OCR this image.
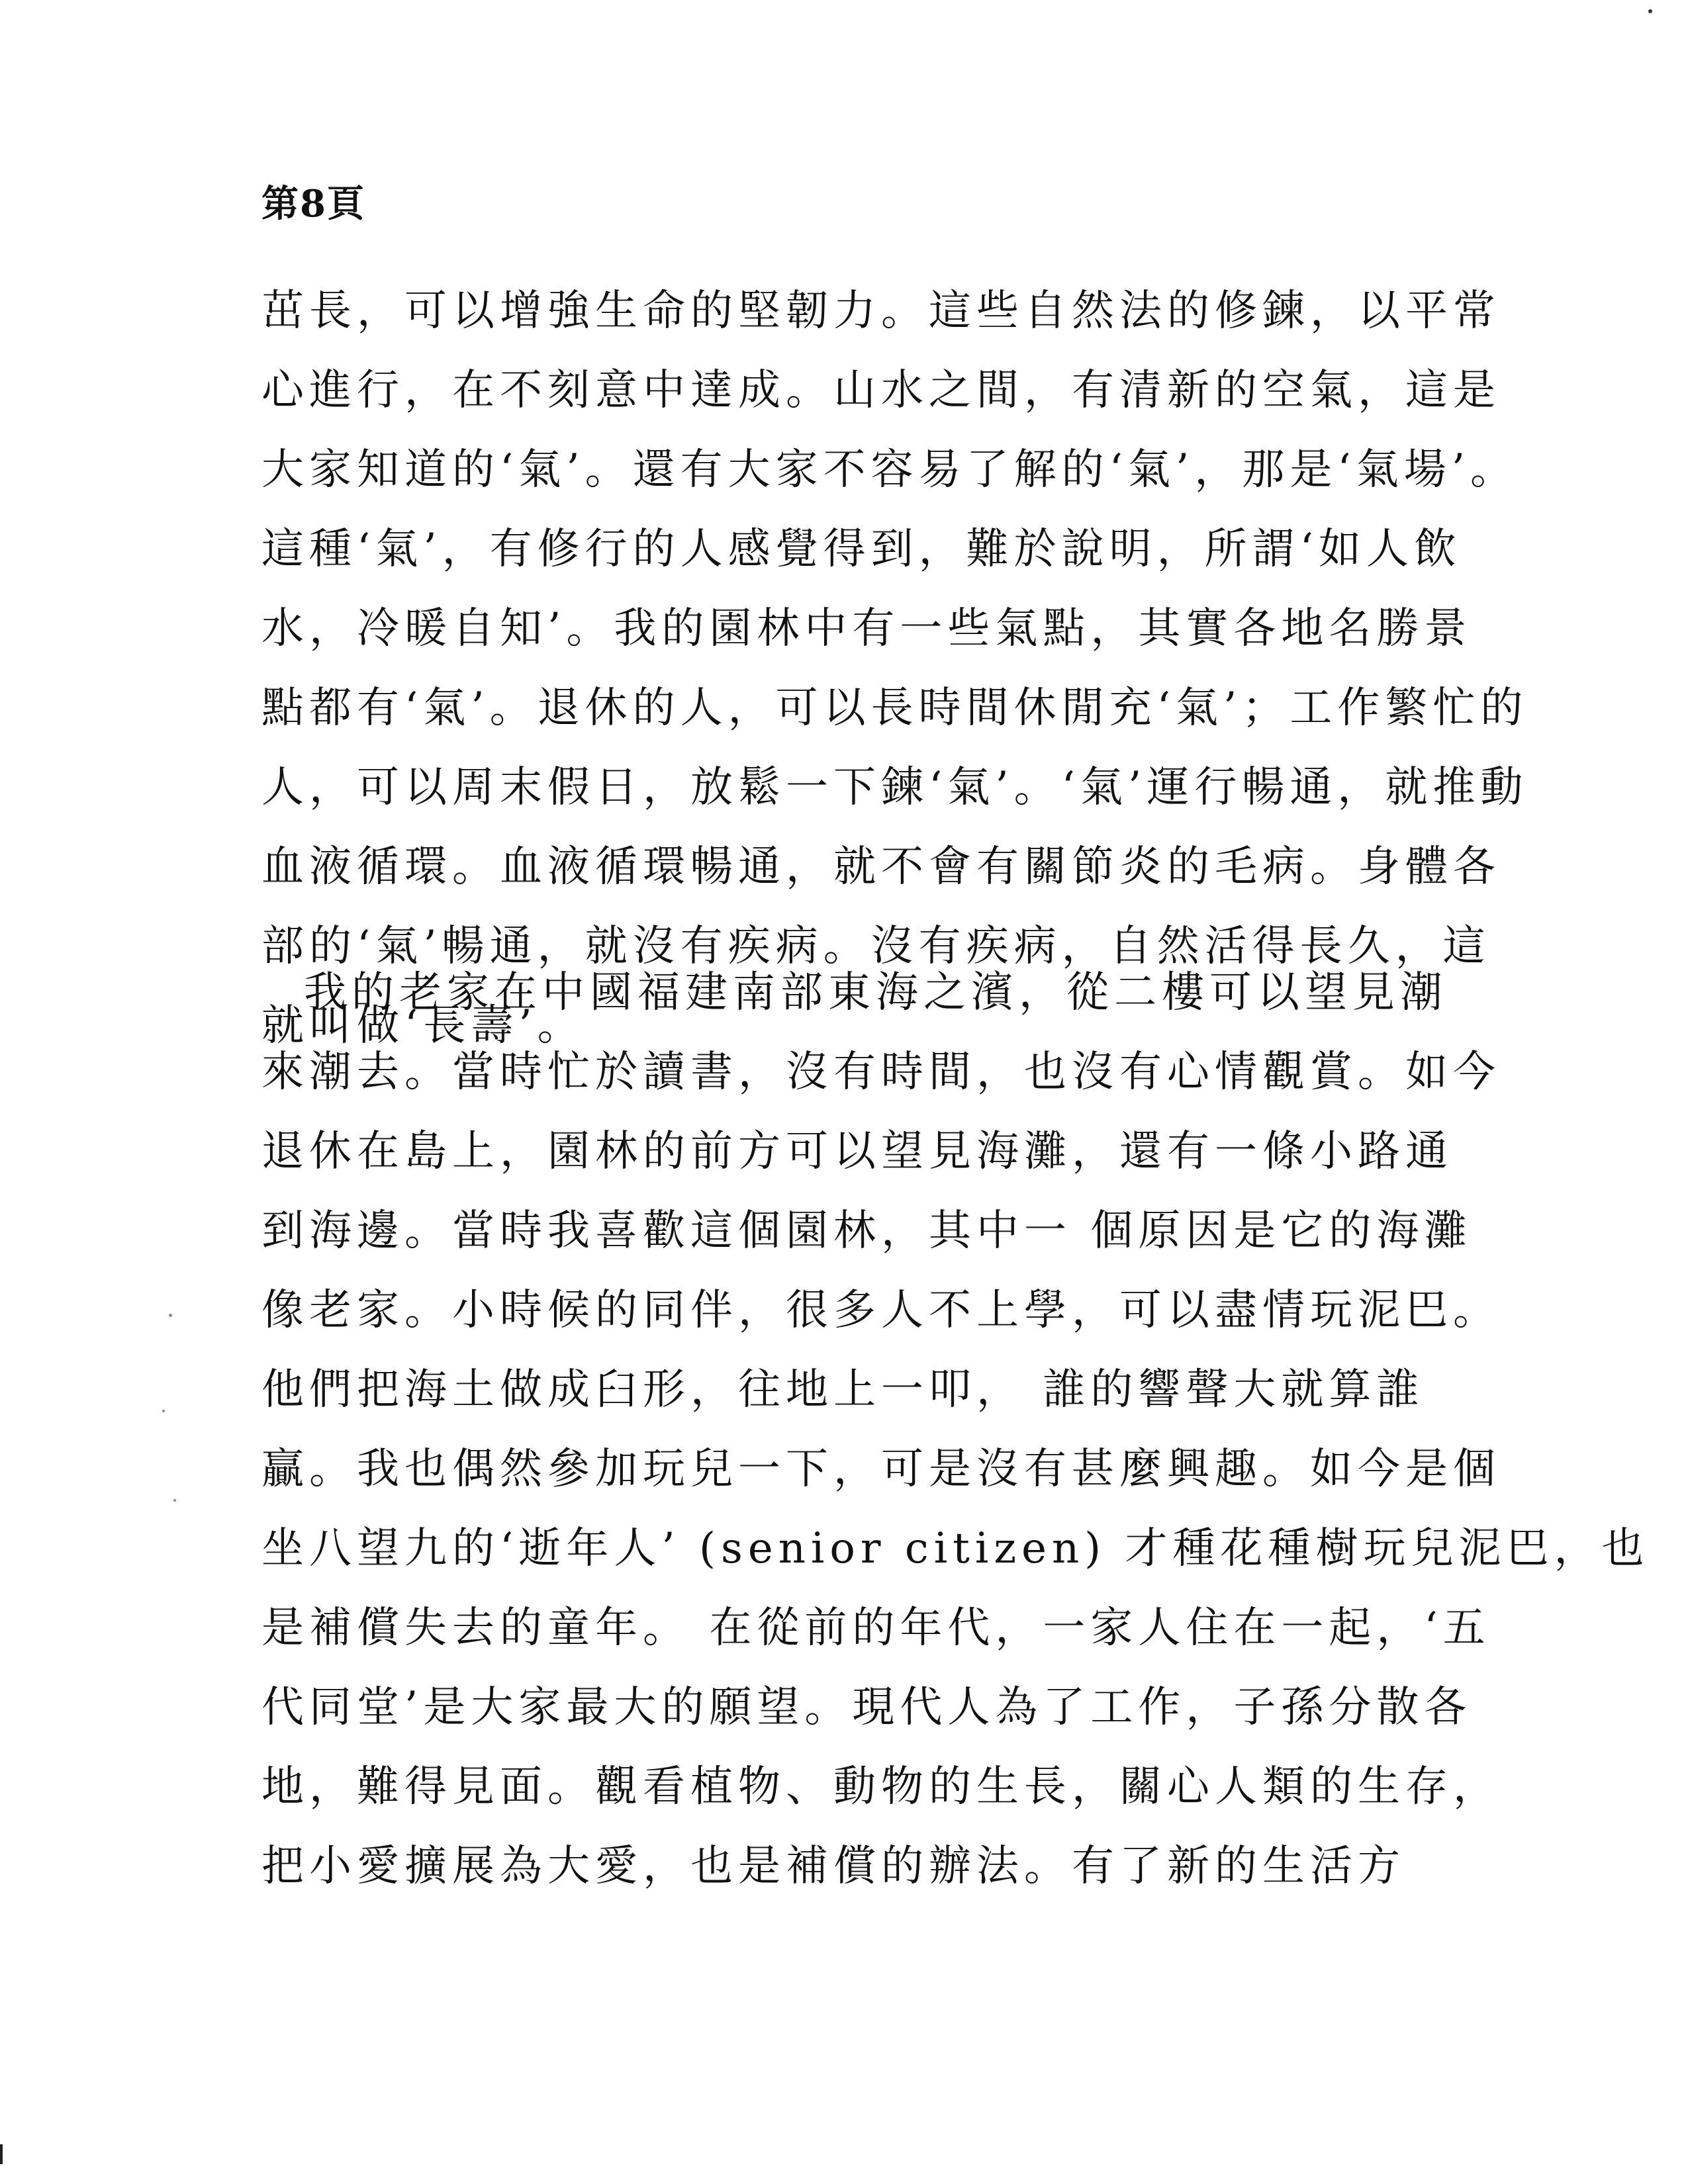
第8頁
茁長，可以增強生命的堅韌力。這些自然法的修鍊，以平常
心進行，在不刻意中達成。山水之間，有清新的空氣，這是
大家知道的‘氣’。還有大家不容易了解的‘氣’，那是‘氣場’。
這種‘氣’，有修行的人感覺得到，難於說明，所謂‘如人飲
水，冷暖自知’。我的園林中有一些氣點，其實各地名勝景
點都有‘氣’。退休的人，可以長時間休閒充‘氣’；工作繁忙的
人，可以周末假日，放鬆一下鍊‘氣’。‘氣’運行暢通，就推動
血液循環。血液循環暢通，就不會有關節炎的毛病。身體各
部的‘氣’暢通，就沒有疾病。沒有疾病，自然活得長久，這
就叫做‘長壽’。
我的老家在中國福建南部東海之濱，從二樓可以望見潮
來潮去。當時忙於讀書，沒有時間，也沒有心情觀賞。如今
退休在島上，園林的前方可以望見海灘，還有一條小路通
到海邊。當時我喜歡這個園林，其中一 個原因是它的海灘
像老家。小時候的同伴，很多人不上學，可以盡情玩泥巴。
他們把海土做成臼形，往地上一叩， 誰的響聲大就算誰
贏。我也偶然參加玩兒一下，可是沒有甚麼興趣。如今是個
坐八望九的‘逝年人’ (senior citizen) 才種花種樹玩兒泥巴，也
是補償失去的童年。 在從前的年代，一家人住在一起，‘五
代同堂’是大家最大的願望。現代人為了工作，子孫分散各
地，難得見面。觀看植物、動物的生長，關心人類的生存，
把小愛擴展為大愛，也是補償的辦法。有了新的生活方
